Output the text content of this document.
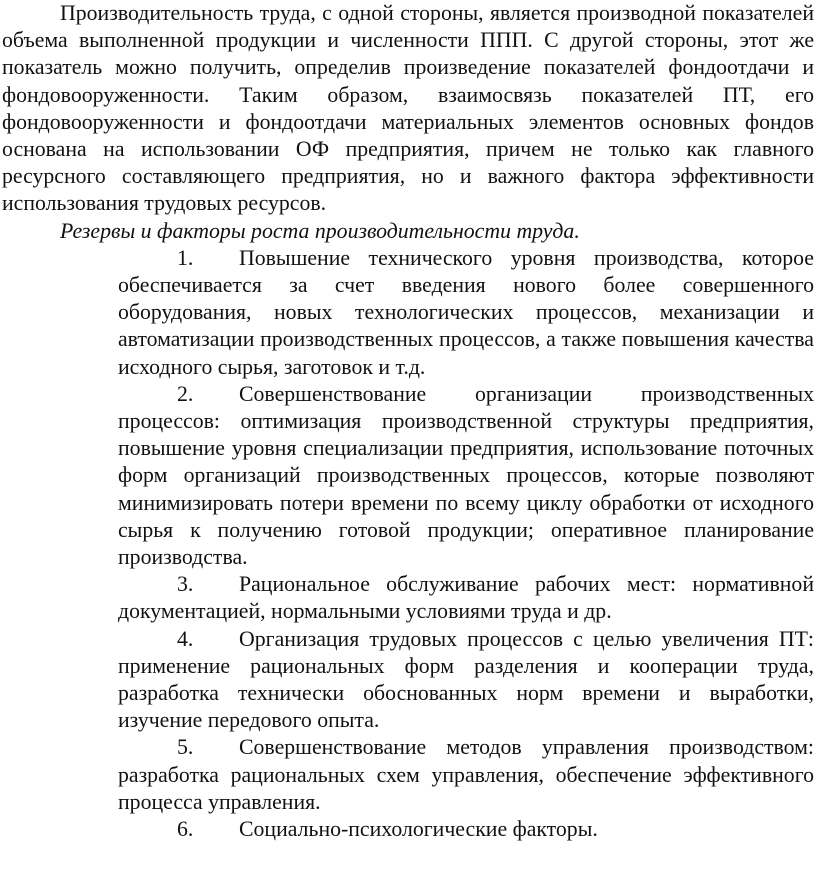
Производительность труда, с одной стороны, является производной показателей объема выполненной продукции и численности ППП. С другой стороны, этот же показатель можно получить, определив произведение показателей фондоотдачи и фондовооруженности. Таким образом, взаимосвязь показателей ПТ, его фондовооруженности и фондоотдачи материальных элементов основных фондов основана на использовании ОФ предприятия, причем не только как главного ресурсного составляющего предприятия, но и важного фактора эффективности использования трудовых ресурсов.

Резервы и факторы роста производительности труда.

1. Повышение технического уровня производства, которое обеспечивается за счет введения нового более совершенного оборудования, новых технологических процессов, механизации и автоматизации производственных процессов, а также повышения качества исходного сырья, заготовок и т.д.
2. Совершенствование организации производственных процессов: оптимизация производственной структуры предприятия, повышение уровня специализации предприятия, использование поточных форм организаций производственных процессов, которые позволяют минимизировать потери времени по всему циклу обработки от исходного сырья к получению готовой продукции; оперативное планирование производства.
3. Рациональное обслуживание рабочих мест: нормативной документацией, нормальными условиями труда и др.
4. Организация трудовых процессов с целью увеличения ПТ: применение рациональных форм разделения и кооперации труда, разработка технически обоснованных норм времени и выработки, изучение передового опыта.
5. Совершенствование методов управления производством: разработка рациональных схем управления, обеспечение эффективного процесса управления.
6. Социально-психологические факторы.
